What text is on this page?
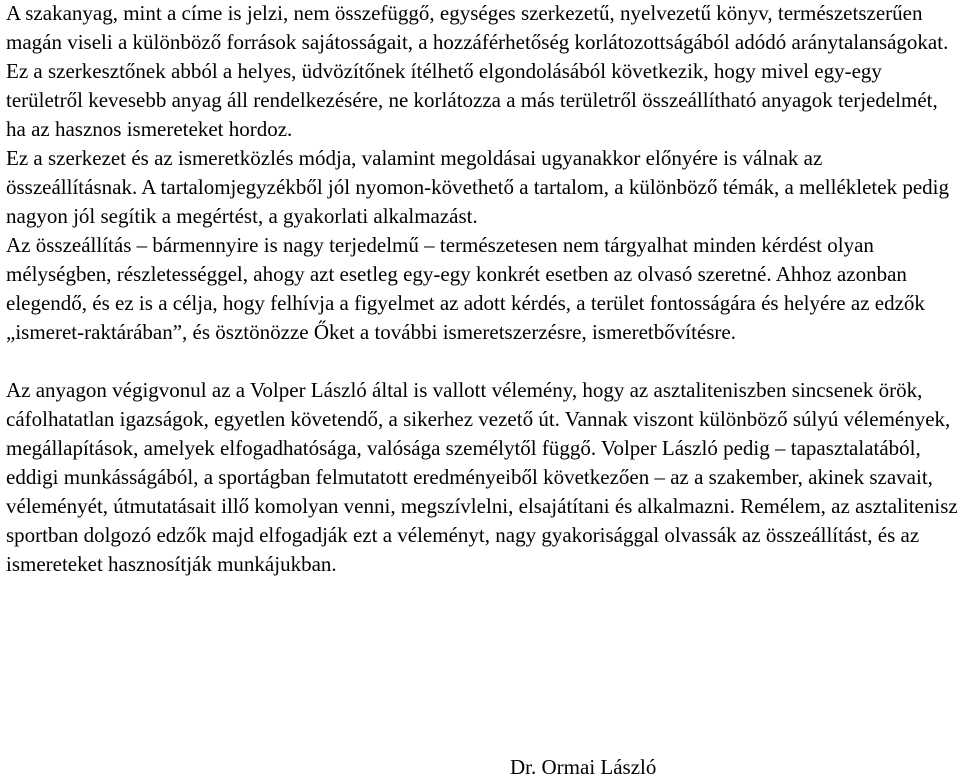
A szakanyag, mint a címe is jelzi, nem összefüggő, egységes szerkezetű, nyelvezetű könyv, természetszerűen magán viseli a különböző források sajátosságait, a hozzáférhetőség korlátozottságából adódó aránytalanságokat. Ez a szerkesztőnek abból a helyes, üdvözítőnek ítélhető elgondolásából következik, hogy mivel egy-egy területről kevesebb anyag áll rendelkezésére, ne korlátozza a más területről összeállítható anyagok terjedelmét, ha az hasznos ismereteket hordoz.

Ez a szerkezet és az ismeretközlés módja, valamint megoldásai ugyanakkor előnyére is válnak az összeállításnak. A tartalomjegyzékből jól nyomon-követhető a tartalom, a különböző témák, a mellékletek pedig nagyon jól segítik a megértést, a gyakorlati alkalmazást.

Az összeállítás – bármennyire is nagy terjedelmű – természetesen nem tárgyalhat minden kérdést olyan mélységben, részletességgel, ahogy azt esetleg egy-egy konkrét esetben az olvasó szeretné. Ahhoz azonban elegendő, és ez is a célja, hogy felhívja a figyelmet az adott kérdés, a terület fontosságára és helyére az edzők „ismeret-raktárában”, és ösztönözze Őket a további ismeretszerzésre, ismeretbővítésre.

Az anyagon végigvonul az a Volper László által is vallott vélemény, hogy az asztaliteniszben sincsenek örök, cáfolhatatlan igazságok, egyetlen követendő, a sikerhez vezető út. Vannak viszont különböző súlyú vélemények, megállapítások, amelyek elfogadhatósága, valósága személytől függő. Volper László pedig – tapasztalatából, eddigi munkásságából, a sportágban felmutatott eredményeiből következően – az a szakember, akinek szavait, véleményét, útmutatásait illő komolyan venni, megszívlelni, elsajátítani és alkalmazni. Remélem, az asztalitenisz sportban dolgozó edzők majd elfogadják ezt a véleményt, nagy gyakorisággal olvassák az összeállítást, és az ismereteket hasznosítják munkájukban.

Dr. Ormai László
